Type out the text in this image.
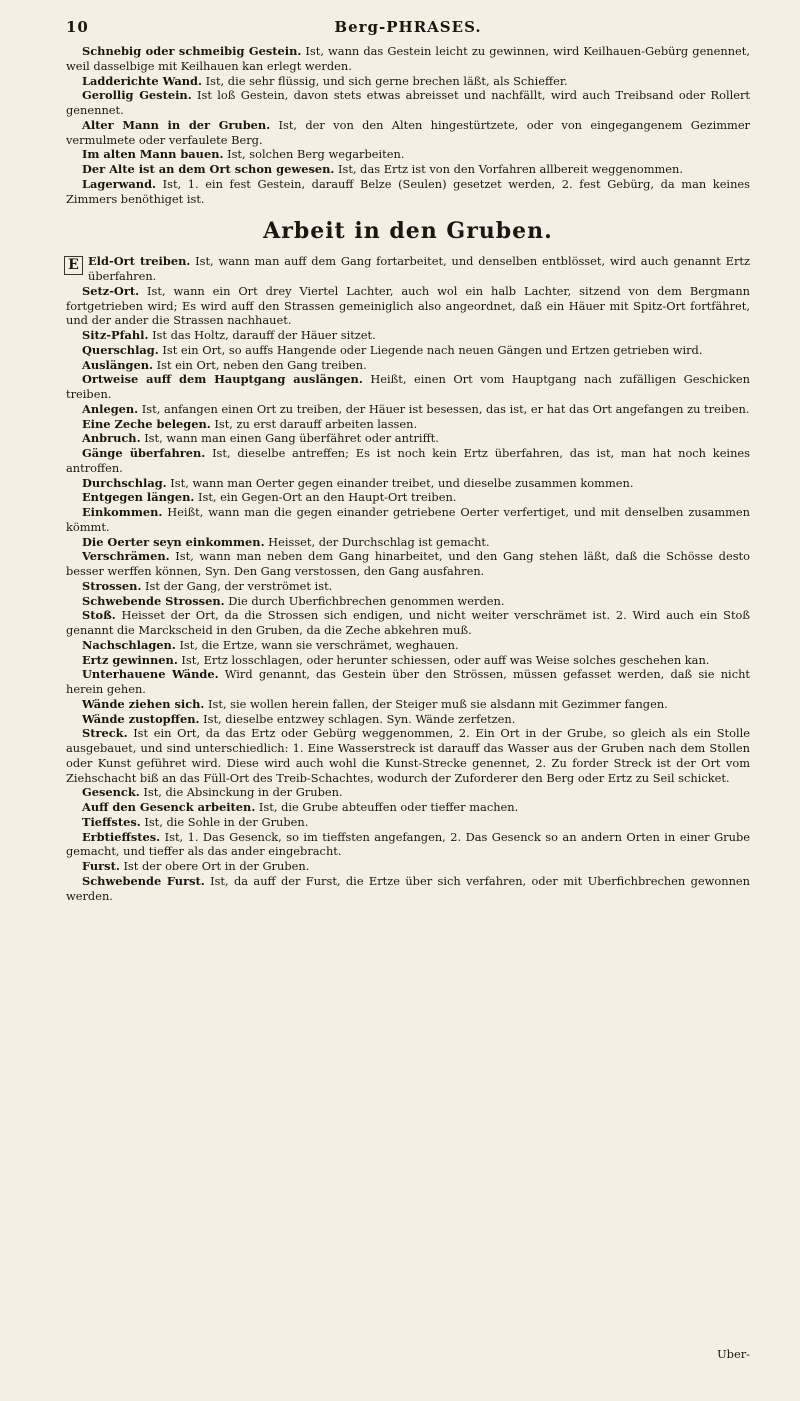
10	Berg-PHRASES.

Schnebig oder schmeibig Gestein. Ist, wann das Gestein leicht zu gewinnen, wird Keilhauen-Gebürg genennet, weil dasselbige mit Keilhauen kan erlegt werden.

Ladderichte Wand. Ist, die sehr flüssig, und sich gerne brechen läßt, als Schieffer.

Gerollig Gestein. Ist loß Gestein, davon stets etwas abreisset und nachfällt, wird auch Treibsand oder Rollert genennet.

Alter Mann in der Gruben. Ist, der von den Alten hingestürtzete, oder von eingegangenem Gezimmer vermulmete oder verfaulete Berg.

Im alten Mann bauen. Ist, solchen Berg wegarbeiten.

Der Alte ist an dem Ort schon gewesen. Ist, das Ertz ist von den Vorfahren allbereit weggenommen.

Lagerwand. Ist, 1. ein fest Gestein, darauff Belze (Seulen) gesetzet werden, 2. fest Gebürg, da man keines Zimmers benöthiget ist.

Arbeit in den Gruben.

E Eld-Ort treiben. Ist, wann man auff dem Gang fortarbeitet, und denselben entblösset, wird auch genannt Ertz überfahren.

Setz-Ort. Ist, wann ein Ort drey Viertel Lachter, auch wol ein halb Lachter, sitzend von dem Bergmann fortgetrieben wird; Es wird auff den Strassen gemeiniglich also angeordnet, daß ein Häuer mit Spitz-Ort fortfähret, und der ander die Strassen nachhauet.

Sitz-Pfahl. Ist das Holtz, darauff der Häuer sitzet.

Querschlag. Ist ein Ort, so auffs Hangende oder Liegende nach neuen Gängen und Ertzen getrieben wird.

Auslängen. Ist ein Ort, neben den Gang treiben.

Ortweise auff dem Hauptgang auslängen. Heißt, einen Ort vom Hauptgang nach zufälligen Geschicken treiben.

Anlegen. Ist, anfangen einen Ort zu treiben, der Häuer ist besessen, das ist, er hat das Ort angefangen zu treiben.

Eine Zeche belegen. Ist, zu erst darauff arbeiten lassen.

Anbruch. Ist, wann man einen Gang überfähret oder antrifft.

Gänge überfahren. Ist, dieselbe antreffen; Es ist noch kein Ertz überfahren, das ist, man hat noch keines antroffen.

Durchschlag. Ist, wann man Oerter gegen einander treibet, und dieselbe zusammen kommen.

Entgegen längen. Ist, ein Gegen-Ort an den Haupt-Ort treiben.

Einkommen. Heißt, wann man die gegen einander getriebene Oerter verfertiget, und mit denselben zusammen kömmt.

Die Oerter seyn einkommen. Heisset, der Durchschlag ist gemacht.

Verschrämen. Ist, wann man neben dem Gang hinarbeitet, und den Gang stehen läßt, daß die Schösse desto besser werffen können, Syn. Den Gang verstossen, den Gang ausfahren.

Strossen. Ist der Gang, der verströmet ist.

Schwebende Strossen. Die durch Uberfichbrechen genommen werden.

Stoß. Heisset der Ort, da die Strossen sich endigen, und nicht weiter verschrämet ist. 2. Wird auch ein Stoß genannt die Marckscheid in den Gruben, da die Zeche abkehren muß.

Nachschlagen. Ist, die Ertze, wann sie verschrämet, weghauen.

Ertz gewinnen. Ist, Ertz losschlagen, oder herunter schiessen, oder auff was Weise solches geschehen kan.

Unterhauene Wände. Wird genannt, das Gestein über den Strössen, müssen gefasset werden, daß sie nicht herein gehen.

Wände ziehen sich. Ist, sie wollen herein fallen, der Steiger muß sie alsdann mit Gezimmer fangen.

Wände zustopffen. Ist, dieselbe entzwey schlagen. Syn. Wände zerfetzen.

Streck. Ist ein Ort, da das Ertz oder Gebürg weggenommen, 2. Ein Ort in der Grube, so gleich als ein Stolle ausgebauet, und sind unterschiedlich: 1. Eine Wasserstreck ist darauff das Wasser aus der Gruben nach dem Stollen oder Kunst geführet wird. Diese wird auch wohl die Kunst-Strecke genennet, 2. Zu forder Streck ist der Ort vom Ziehschacht biß an das Füll-Ort des Treib-Schachtes, wodurch der Zuforderer den Berg oder Ertz zu Seil schicket.

Gesenck. Ist, die Absinckung in der Gruben.

Auff den Gesenck arbeiten. Ist, die Grube abteuffen oder tieffer machen.

Tieffstes. Ist, die Sohle in der Gruben.

Erbtieffstes. Ist, 1. Das Gesenck, so im tieffsten angefangen, 2. Das Gesenck so an andern Orten in einer Grube gemacht, und tieffer als das ander eingebracht.

Furst. Ist der obere Ort in der Gruben.

Schwebende Furst. Ist, da auff der Furst, die Ertze über sich verfahren, oder mit Uberfichbrechen gewonnen werden.

Uber-
